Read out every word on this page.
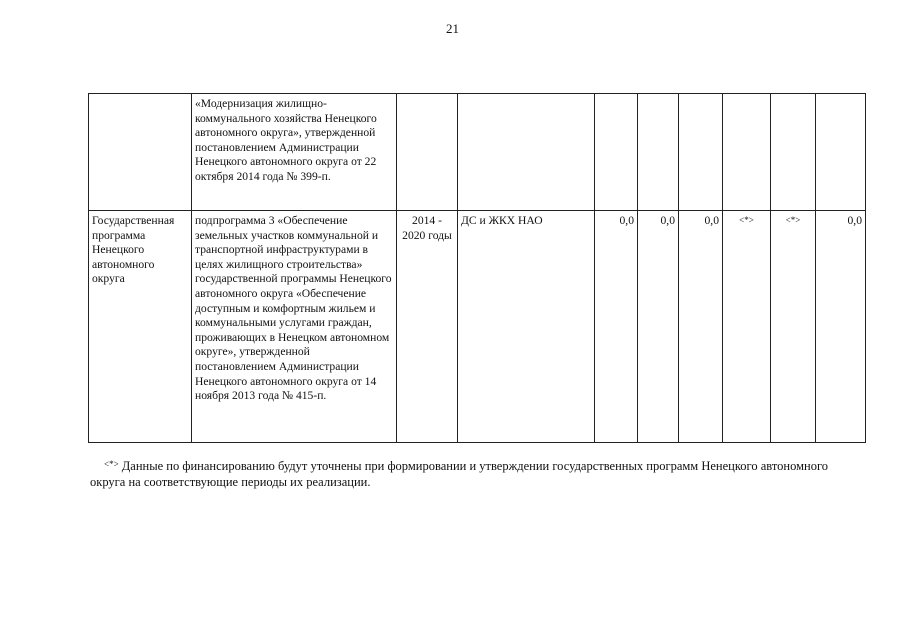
21
	«Модернизация жилищно-коммунального хозяйства Ненецкого автономного округа», утвержденной постановлением Администрации Ненецкого автономного округа от 22 октября 2014 года № 399-п.								
Государственная программа Ненецкого автономного округа	подпрограмма 3 «Обеспечение земельных участков коммунальной и транспортной инфраструктурами в целях жилищного строительства» государственной программы Ненецкого автономного округа «Обеспечение доступным и комфортным жильем и коммунальными услугами граждан, проживающих в Ненецком автономном округе», утвержденной постановлением Администрации Ненецкого автономного округа от 14 ноября 2013 года № 415-п.	2014 - 2020 годы	ДС и ЖКХ НАО	0,0	0,0	0,0	<*>	<*>	0,0
<*> Данные по финансированию будут уточнены при формировании и утверждении государственных программ Ненецкого автономного округа на соответствующие периоды их реализации.
